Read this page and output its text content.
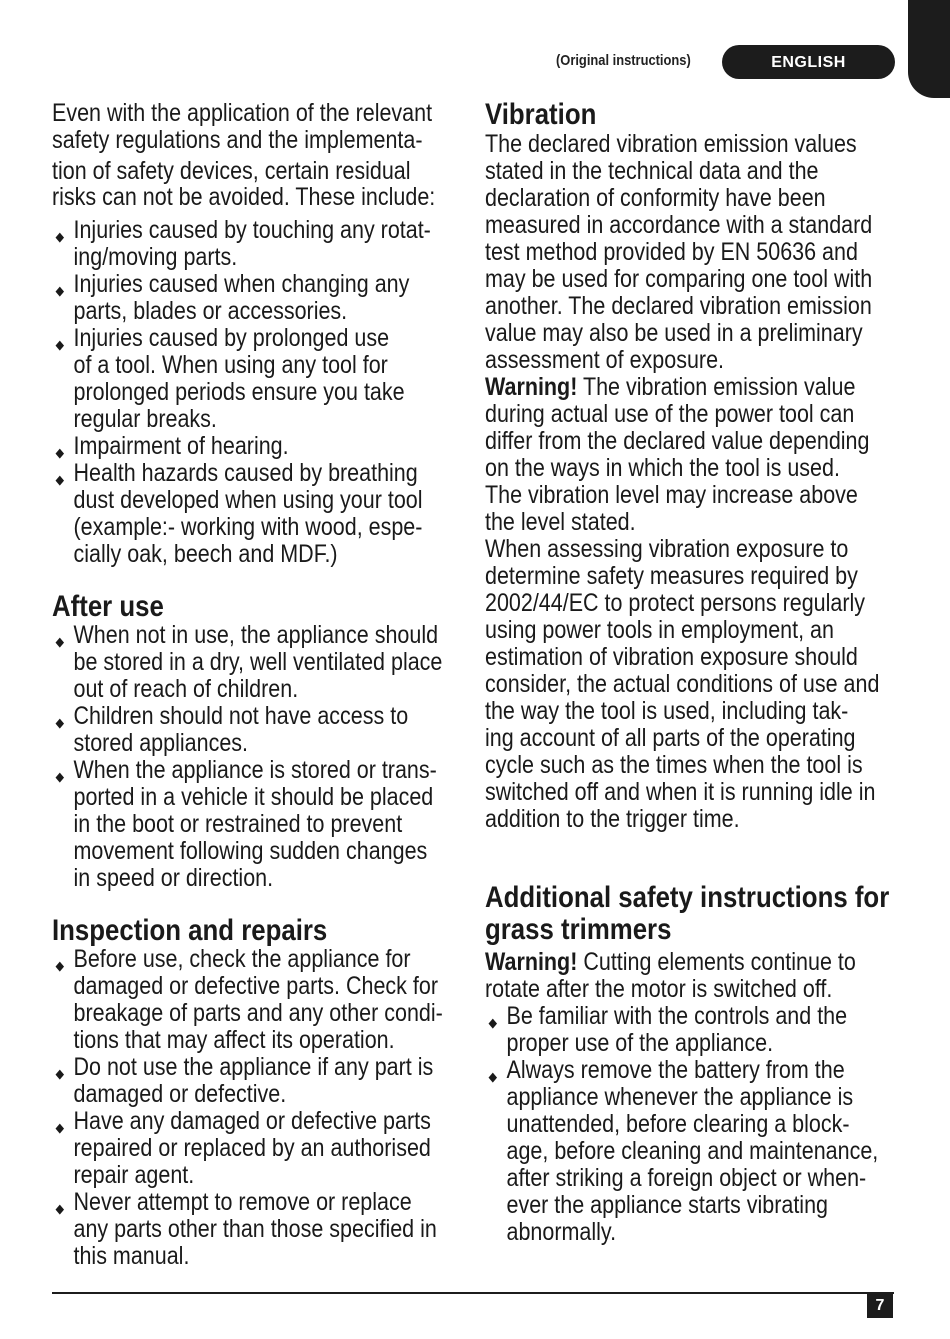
(Original instructions)	ENGLISH
Even with the application of the relevant
safety regulations and the implementa-
tion of safety devices, certain residual
risks can not be avoided. These include:
◆ Injuries caused by touching any rotat-
ing/moving parts.
◆ Injuries caused when changing any
parts, blades or accessories.
◆ Injuries caused by prolonged use
of a tool. When using any tool for
prolonged periods ensure you take
regular breaks.
◆ Impairment of hearing.
◆ Health hazards caused by breathing
dust developed when using your tool
(example:- working with wood, espe-
cially oak, beech and MDF.)
After use
◆ When not in use, the appliance should
be stored in a dry, well ventilated place
out of reach of children.
◆ Children should not have access to
stored appliances.
◆ When the appliance is stored or trans-
ported in a vehicle it should be placed
in the boot or restrained to prevent
movement following sudden changes
in speed or direction.
Inspection and repairs
◆ Before use, check the appliance for
damaged or defective parts. Check for
breakage of parts and any other condi-
tions that may affect its operation.
◆ Do not use the appliance if any part is
damaged or defective.
◆ Have any damaged or defective parts
repaired or replaced by an authorised
repair agent.
◆ Never attempt to remove or replace
any parts other than those specified in
this manual.
Vibration
The declared vibration emission values
stated in the technical data and the
declaration of conformity have been
measured in accordance with a standard
test method provided by EN 50636 and
may be used for comparing one tool with
another. The declared vibration emission
value may also be used in a preliminary
assessment of exposure.
Warning! The vibration emission value
during actual use of the power tool can
differ from the declared value depending
on the ways in which the tool is used.
The vibration level may increase above
the level stated.
When assessing vibration exposure to
determine safety measures required by
2002/44/EC to protect persons regularly
using power tools in employment, an
estimation of vibration exposure should
consider, the actual conditions of use and
the way the tool is used, including tak-
ing account of all parts of the operating
cycle such as the times when the tool is
switched off and when it is running idle in
addition to the trigger time.
Additional safety instructions for
grass trimmers
Warning! Cutting elements continue to
rotate after the motor is switched off.
◆ Be familiar with the controls and the
proper use of the appliance.
◆ Always remove the battery from the
appliance whenever the appliance is
unattended, before clearing a block-
age, before cleaning and maintenance,
after striking a foreign object or when-
ever the appliance starts vibrating
abnormally.
7
